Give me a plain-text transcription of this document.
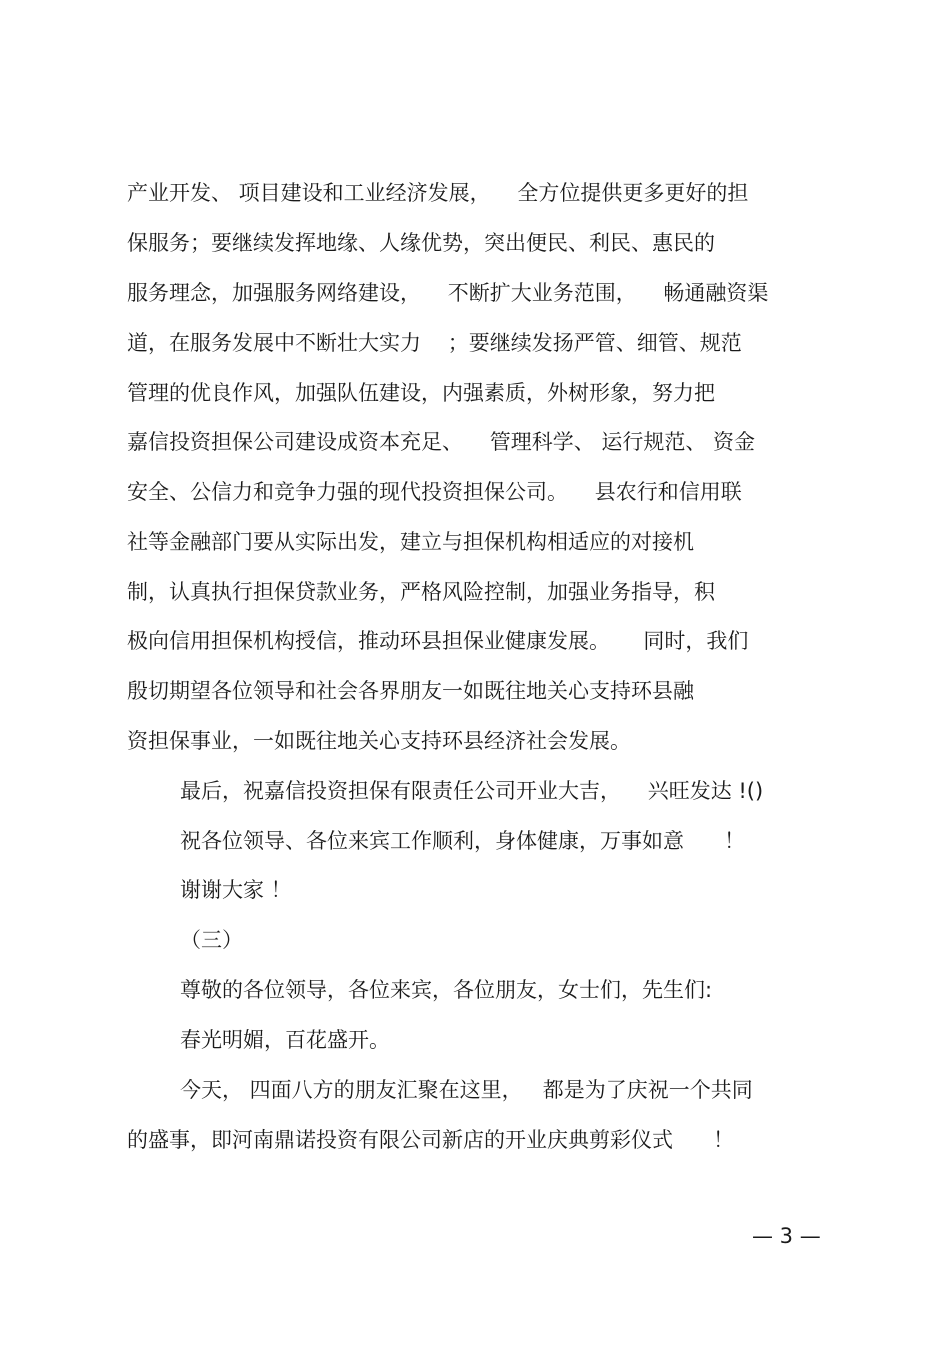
产业开发、 项目建设和工业经济发展，    全方位提供更多更好的担
保服务；要继续发挥地缘、人缘优势，突出便民、利民、惠民的
服务理念，加强服务网络建设，    不断扩大业务范围，    畅通融资渠
道，在服务发展中不断壮大实力    ；要继续发扬严管、细管、规范
管理的优良作风，加强队伍建设，内强素质，外树形象，努力把
嘉信投资担保公司建设成资本充足、    管理科学、 运行规范、 资金
安全、公信力和竞争力强的现代投资担保公司。    县农行和信用联
社等金融部门要从实际出发，建立与担保机构相适应的对接机
制，认真执行担保贷款业务，严格风险控制，加强业务指导，积
极向信用担保机构授信，推动环县担保业健康发展。     同时，我们
殷切期望各位领导和社会各界朋友一如既往地关心支持环县融
资担保事业，一如既往地关心支持环县经济社会发展。
最后，祝嘉信投资担保有限责任公司开业大吉，    兴旺发达 !()
祝各位领导、各位来宾工作顺利，身体健康，万事如意      ！
谢谢大家 ！
（三）
尊敬的各位领导，各位来宾，各位朋友，女士们，先生们:
春光明媚，百花盛开。
今天， 四面八方的朋友汇聚在这里，   都是为了庆祝一个共同
的盛事，即河南鼎诺投资有限公司新店的开业庆典剪彩仪式      ！
— 3 —
